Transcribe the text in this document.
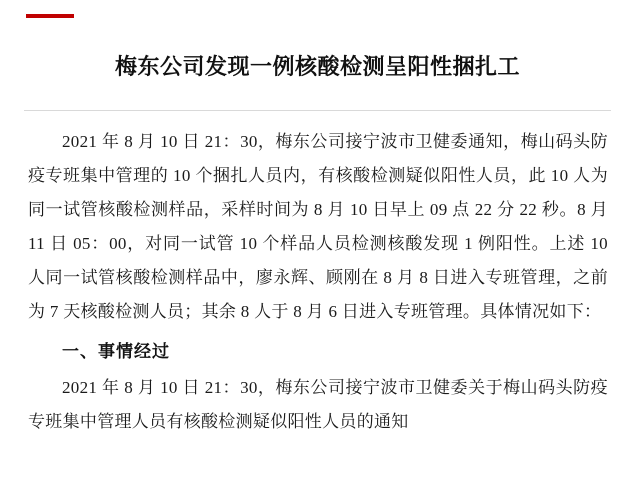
梅东公司发现一例核酸检测呈阳性捆扎工

2021 年 8 月 10 日 21：30，梅东公司接宁波市卫健委通知，梅山码头防疫专班集中管理的 10 个捆扎人员内，有核酸检测疑似阳性人员，此 10 人为同一试管核酸检测样品，采样时间为 8 月 10 日早上 09 点 22 分 22 秒。8 月 11 日 05：00，对同一试管 10 个样品人员检测核酸发现 1 例阳性。上述 10 人同一试管核酸检测样品中，廖永辉、顾刚在 8 月 8 日进入专班管理，之前为 7 天核酸检测人员；其余 8 人于 8 月 6 日进入专班管理。具体情况如下：

一、事情经过

2021 年 8 月 10 日 21：30，梅东公司接宁波市卫健委关于梅山码头防疫专班集中管理人员有核酸检测疑似阳性人员的通知
